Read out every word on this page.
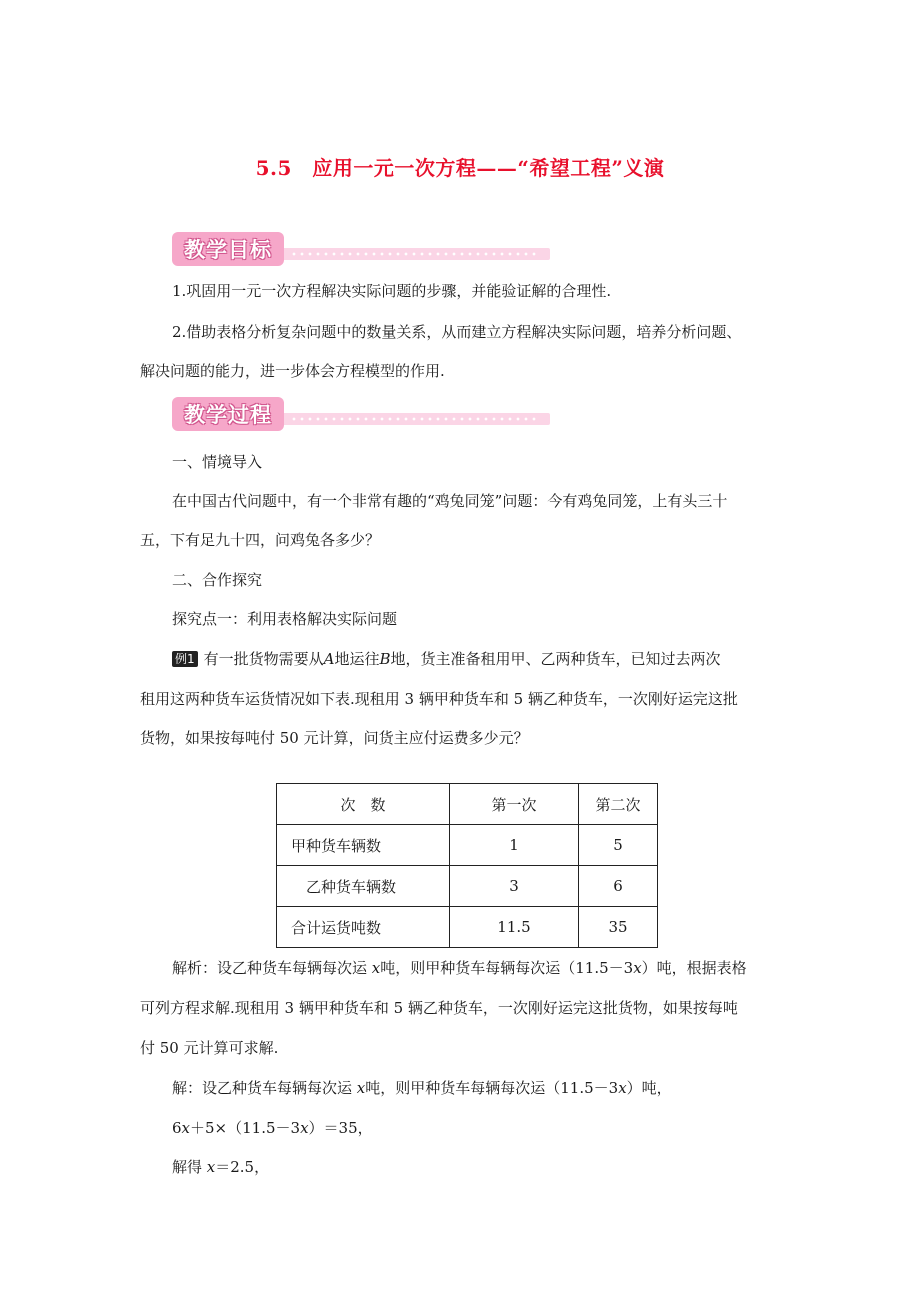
5.5　应用一元一次方程——“希望工程”义演
教学目标
1.巩固用一元一次方程解决实际问题的步骤，并能验证解的合理性.
2.借助表格分析复杂问题中的数量关系，从而建立方程解决实际问题，培养分析问题、
解决问题的能力，进一步体会方程模型的作用.
教学过程
一、情境导入
在中国古代问题中，有一个非常有趣的“鸡兔同笼”问题：今有鸡兔同笼，上有头三十
五，下有足九十四，问鸡兔各多少？
二、合作探究
探究点一：利用表格解决实际问题
例1 有一批货物需要从A地运往B地，货主准备租用甲、乙两种货车，已知过去两次
租用这两种货车运货情况如下表.现租用 3 辆甲种货车和 5 辆乙种货车，一次刚好运完这批
货物，如果按每吨付 50 元计算，问货主应付运费多少元？
次　数	第一次	第二次
甲种货车辆数	1	5
　乙种货车辆数	3	6
合计运货吨数	11.5	35
解析：设乙种货车每辆每次运 x吨，则甲种货车每辆每次运（11.5－3x）吨，根据表格
可列方程求解.现租用 3 辆甲种货车和 5 辆乙种货车，一次刚好运完这批货物，如果按每吨
付 50 元计算可求解.
解：设乙种货车每辆每次运 x吨，则甲种货车每辆每次运（11.5－3x）吨，
6x＋5×（11.5－3x）＝35，
解得 x＝2.5，
